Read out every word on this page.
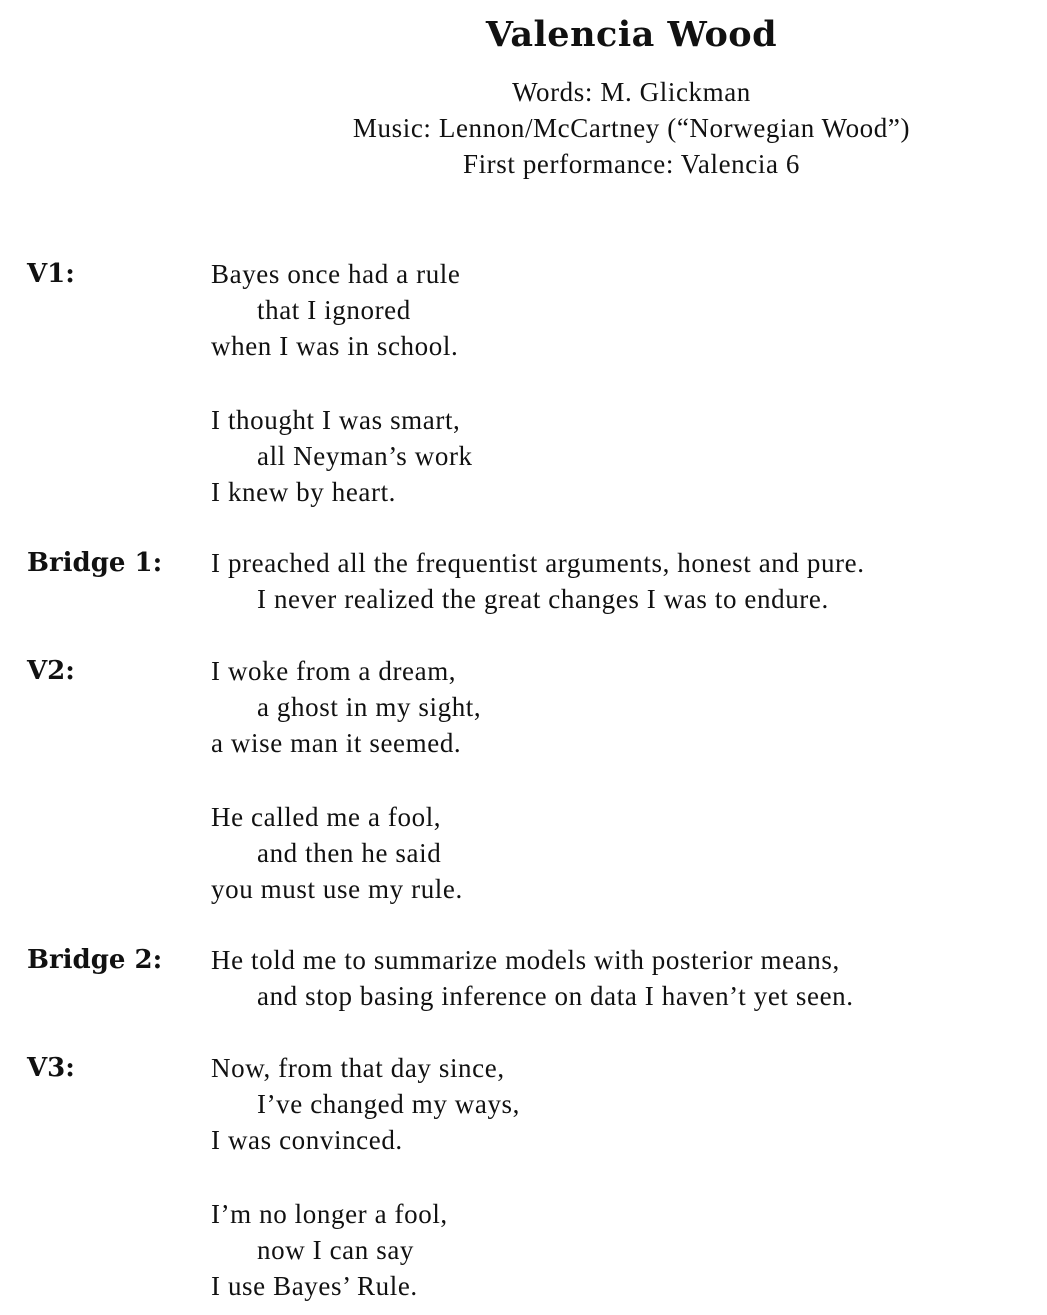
Valencia Wood
Words: M. Glickman
Music: Lennon/McCartney (“Norwegian Wood”)
First performance: Valencia 6
V1:	Bayes once had a rule
that I ignored
when I was in school.
I thought I was smart,
all Neyman’s work
I knew by heart.
Bridge 1: I preached all the frequentist arguments, honest and pure.
I never realized the great changes I was to endure.
V2:	I woke from a dream,
a ghost in my sight,
a wise man it seemed.
He called me a fool,
and then he said
you must use my rule.
Bridge 2: He told me to summarize models with posterior means,
and stop basing inference on data I haven’t yet seen.
V3:	Now, from that day since,
I’ve changed my ways,
I was convinced.
I’m no longer a fool,
now I can say
I use Bayes’ Rule.
